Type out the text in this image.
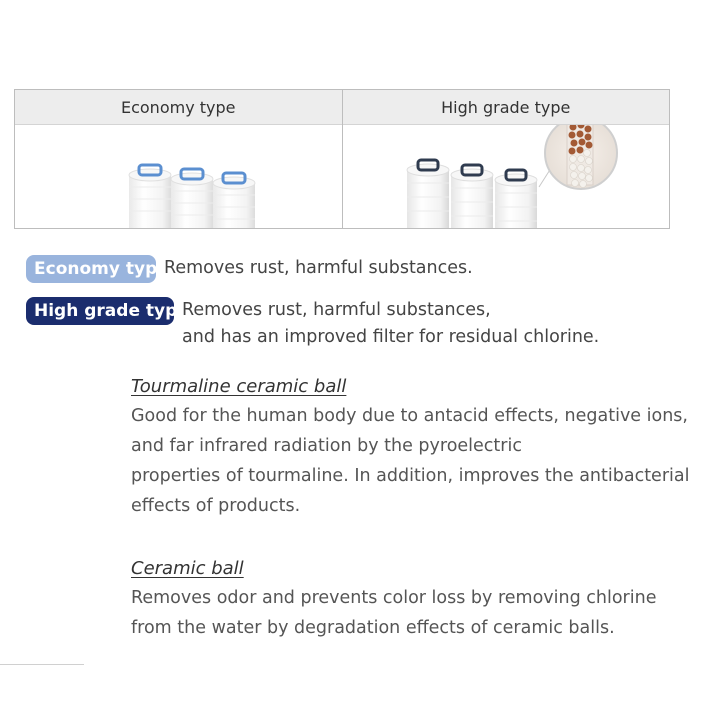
Economy type	High grade type
Economy type
Removes rust, harmful substances.
High grade type
Removes rust, harmful substances,
and has an improved filter for residual chlorine.
Tourmaline ceramic ball
Good for the human body due to antacid effects, negative ions,
and far infrared radiation by the pyroelectric
properties of tourmaline. In addition, improves the antibacterial
effects of products.
Ceramic ball
Removes odor and prevents color loss by removing chlorine
from the water by degradation effects of ceramic balls.
